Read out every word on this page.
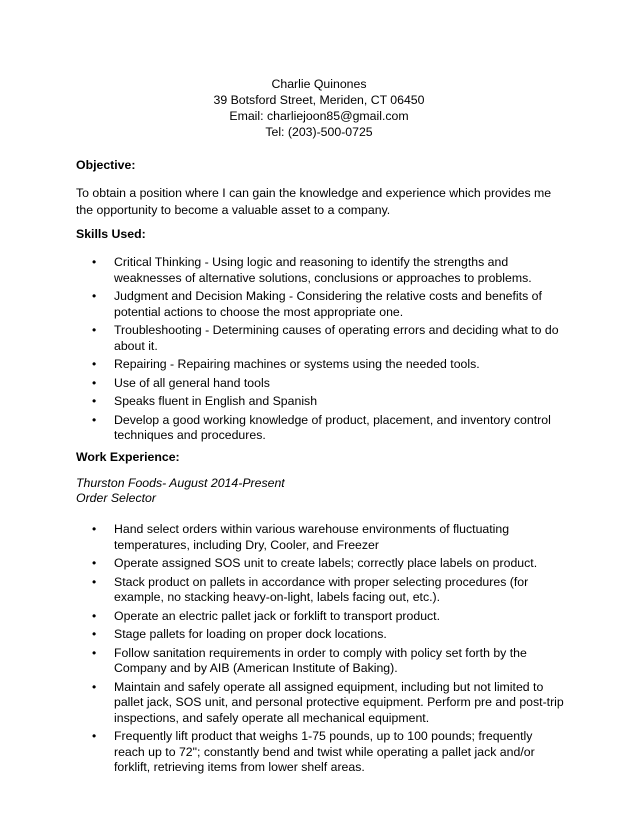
Charlie Quinones
39 Botsford Street, Meriden, CT 06450
Email: charliejoon85@gmail.com
Tel: (203)-500-0725
Objective:
To obtain a position where I can gain the knowledge and experience which provides me the opportunity to become a valuable asset to a company.
Skills Used:
• Critical Thinking - Using logic and reasoning to identify the strengths and weaknesses of alternative solutions, conclusions or approaches to problems.
• Judgment and Decision Making - Considering the relative costs and benefits of potential actions to choose the most appropriate one.
• Troubleshooting - Determining causes of operating errors and deciding what to do about it.
• Repairing - Repairing machines or systems using the needed tools.
• Use of all general hand tools
• Speaks fluent in English and Spanish
• Develop a good working knowledge of product, placement, and inventory control techniques and procedures.
Work Experience:
Thurston Foods- August 2014-Present
Order Selector
• Hand select orders within various warehouse environments of fluctuating temperatures, including Dry, Cooler, and Freezer
• Operate assigned SOS unit to create labels; correctly place labels on product.
• Stack product on pallets in accordance with proper selecting procedures (for example, no stacking heavy-on-light, labels facing out, etc.).
• Operate an electric pallet jack or forklift to transport product.
• Stage pallets for loading on proper dock locations.
• Follow sanitation requirements in order to comply with policy set forth by the Company and by AIB (American Institute of Baking).
• Maintain and safely operate all assigned equipment, including but not limited to pallet jack, SOS unit, and personal protective equipment. Perform pre and post-trip inspections, and safely operate all mechanical equipment.
• Frequently lift product that weighs 1-75 pounds, up to 100 pounds; frequently reach up to 72"; constantly bend and twist while operating a pallet jack and/or forklift, retrieving items from lower shelf areas.
